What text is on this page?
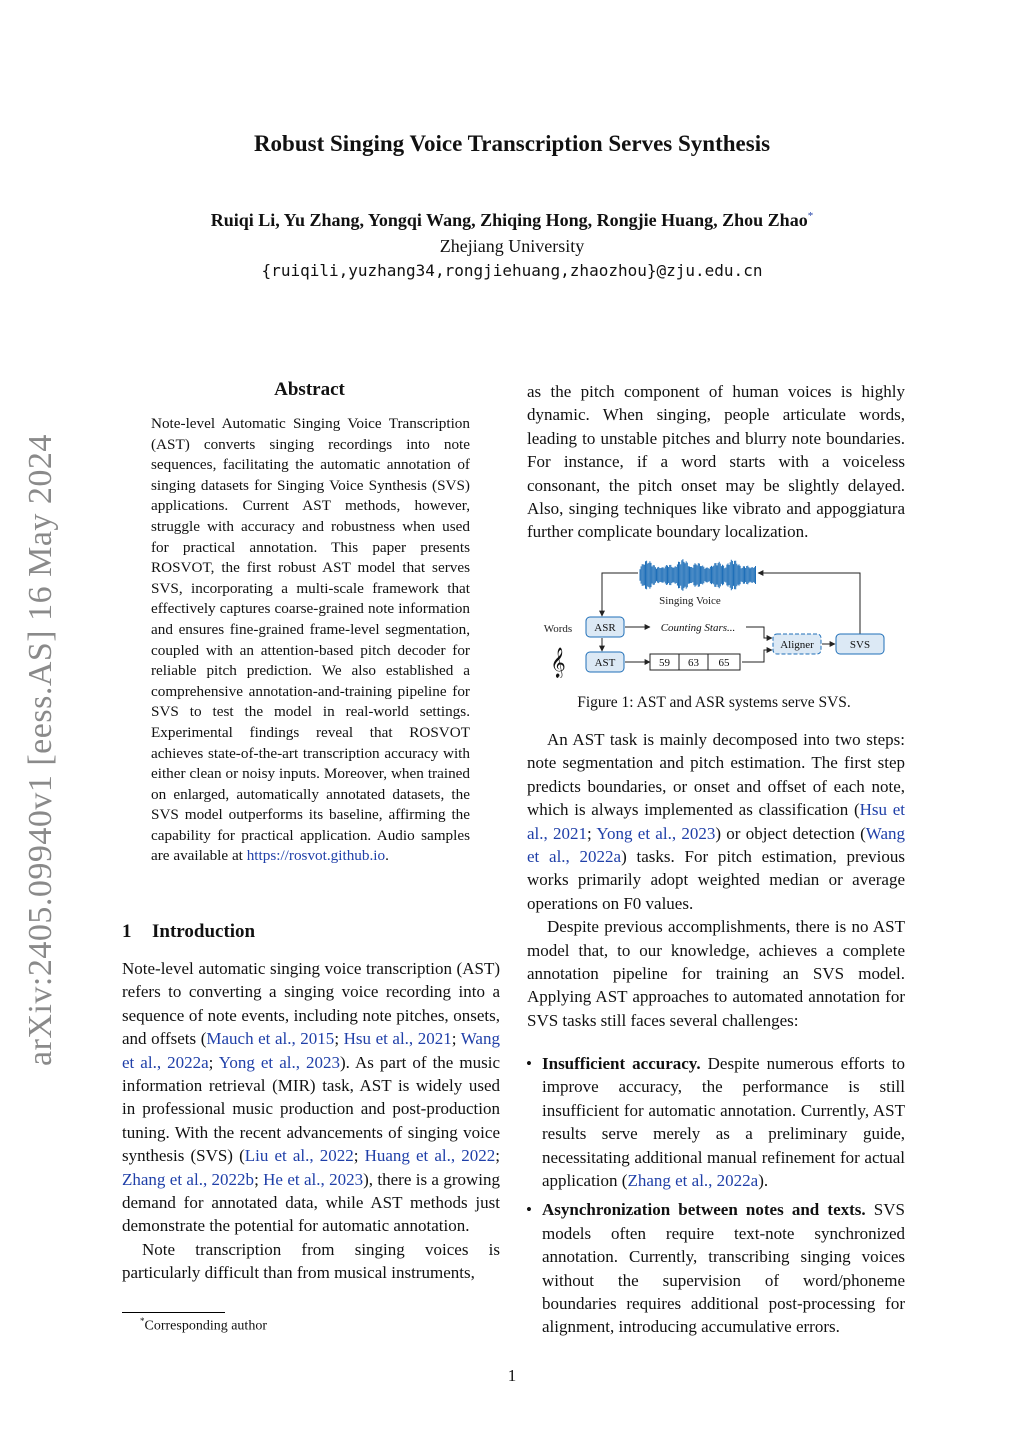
Robust Singing Voice Transcription Serves Synthesis
Ruiqi Li, Yu Zhang, Yongqi Wang, Zhiqing Hong, Rongjie Huang, Zhou Zhao*
Zhejiang University
{ruiqili,yuzhang34,rongjiehuang,zhaozhou}@zju.edu.cn
arXiv:2405.09940v1 [eess.AS] 16 May 2024
Abstract
Note-level Automatic Singing Voice Transcription (AST) converts singing recordings into note sequences, facilitating the automatic annotation of singing datasets for Singing Voice Synthesis (SVS) applications. Current AST methods, however, struggle with accuracy and robustness when used for practical annotation. This paper presents ROSVOT, the first robust AST model that serves SVS, incorporating a multi-scale framework that effectively captures coarse-grained note information and ensures fine-grained frame-level segmentation, coupled with an attention-based pitch decoder for reliable pitch prediction. We also established a comprehensive annotation-and-training pipeline for SVS to test the model in real-world settings. Experimental findings reveal that ROSVOT achieves state-of-the-art transcription accuracy with either clean or noisy inputs. Moreover, when trained on enlarged, automatically annotated datasets, the SVS model outperforms its baseline, affirming the capability for practical application. Audio samples are available at https://rosvot.github.io.
1 Introduction

Note-level automatic singing voice transcription (AST) refers to converting a singing voice recording into a sequence of note events, including note pitches, onsets, and offsets (Mauch et al., 2015; Hsu et al., 2021; Wang et al., 2022a; Yong et al., 2023). As part of the music information retrieval (MIR) task, AST is widely used in professional music production and post-production tuning. With the recent advancements of singing voice synthesis (SVS) (Liu et al., 2022; Huang et al., 2022; Zhang et al., 2022b; He et al., 2023), there is a growing demand for annotated data, while AST methods just demonstrate the potential for automatic annotation.

Note transcription from singing voices is particularly difficult than from musical instruments,

*Corresponding author
as the pitch component of human voices is highly dynamic. When singing, people articulate words, leading to unstable pitches and blurry note boundaries. For instance, if a word starts with a voiceless consonant, the pitch onset may be slightly delayed. Also, singing techniques like vibrato and appoggiatura further complicate boundary localization.
Singing Voice
Words
𝄞
ASR
AST
Counting Stars...
59 63 65
Aligner	SVS
Figure 1: AST and ASR systems serve SVS.

An AST task is mainly decomposed into two steps: note segmentation and pitch estimation. The first step predicts boundaries, or onset and offset of each note, which is always implemented as classification (Hsu et al., 2021; Yong et al., 2023) or object detection (Wang et al., 2022a) tasks. For pitch estimation, previous works primarily adopt weighted median or average operations on F0 values.

Despite previous accomplishments, there is no AST model that, to our knowledge, achieves a complete annotation pipeline for training an SVS model. Applying AST approaches to automated annotation for SVS tasks still faces several challenges:

• Insufficient accuracy. Despite numerous efforts to improve accuracy, the performance is still insufficient for automatic annotation. Currently, AST results serve merely as a preliminary guide, necessitating additional manual refinement for actual application (Zhang et al., 2022a).
• Asynchronization between notes and texts. SVS models often require text-note synchronized annotation. Currently, transcribing singing voices without the supervision of word/phoneme boundaries requires additional post-processing for alignment, introducing accumulative errors.
1
